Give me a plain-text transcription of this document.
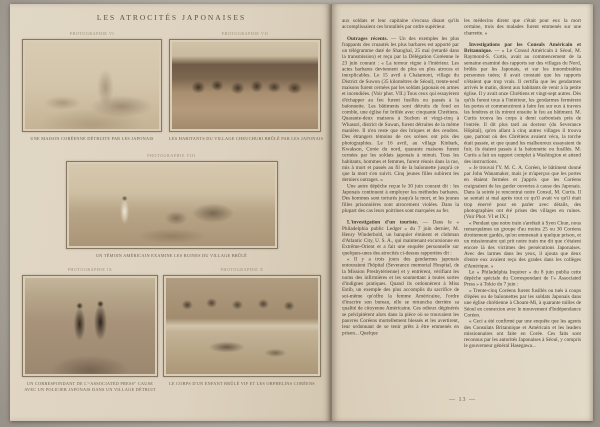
LES ATROCITÉS JAPONAISES
PHOTOGRAPHIE VI
UNE MAISON CORÉENNE DÉTRUITE PAR LES JAPONAIS
PHOTOGRAPHIE VII
LES HABITANTS DU VILLAGE CHEUCHURI BRÛLÉ PAR LES JAPONAIS
PHOTOGRAPHIE VIII
UN TÉMOIN AMÉRICAIN EXAMINE LES RUINES DU VILLAGE BRÛLÉ
PHOTOGRAPHIE IX
UN CORRESPONDANT DE L'“ASSOCIATED PRESS” CAUSE AVEC UN POLICIER JAPONAIS DANS UN VILLAGE DÉTRUIT
PHOTOGRAPHIE X
LE CORPS D'UN ENFANT BRÛLÉ VIF ET LES ORPHELINS CORÉENS

aux soldats et leur capitaine s'excusa disant qu'ils accomplissaient ces brutalités par ordre supérieur.

Outrages récents. — Un des exemples les plus frappants des cruautés les plus barbares est apporté par un télégramme daté de Shanghaï, 25 mai (retardé dans la transmission) et reçu par la Délégation Coréenne le 23 juin courant : « La terreur règne à l'intérieur. Les actes barbares deviennent de plus en plus atroces et inexplicables. Le 15 avril à Chaïamoni, village du District de Suwon (35 kilomètres de Séoul), trente-neuf maisons furent cernées par les soldats japonais en armes et incendiées. (Voir phot. VII.) Tous ceux qui essayèrent d'échapper au feu furent fusillés ou passés à la baïonnette. Les bâtiments sont détruits de fond en comble, une église fut brûlée avec cinquante Chrétiens. Quarante-deux maisons à Suchon et vingt-cinq à Whasuri, district de Suwan, furent détruites de la même manière. Il n'en reste que des briques et des cendres. Des étrangers témoins de ces scènes ont pris des photographies. Le 16 avril, au village Kinbark, Kwakson, Corée du nord, quarante maisons furent cernées par les soldats japonais à minuit. Tous les habitants, hommes et femmes, furent réunis dans la rue, mis à mort et passés au fil de la baïonnette jusqu'à ce que la mort s'en suivit. Cinq jeunes filles subirent les derniers outrages. »

Une autre dépêche reçue le 30 juin courant dit : les Japonais continuent à employer les méthodes barbares. Des hommes sont torturés jusqu'à la mort, et les jeunes filles prisonnières sont atrocement violées. Dans la plupart des cas leurs poitrines sont marquées au fer.

L'investigation d'un touriste. — Dans le « Philadelphia public Ledger » du 7 juin dernier, M. Henry Winderbold, un banquier éminent et clubman d'Atlantic City, U. S. A., qui maintenant excursionne en Extrême-Orient et a fait une enquête personnelle sur quelques-unes des atrocités ci-dessus rapportées dit :

« Il y a trois jours des gendarmes japonais entouraient l'hôpital (Severance memorial Hospital, de la Mission Presbytérienne) et y entrèrent, vérifiant les noms des infirmières et les soumettant à toutes sortes d'indignes pratiques. Quand ils ordonnèrent à Miss Estib, un exemple des plus accomplis du sacrifice de soi-même qu'offre la femme Américaine, l'ordre d'inscrire son bureau, elle se retrancha derrière sa qualité de citoyenne Américaine. Ces odieux dégénérés se précipitèrent alors dans la pièce où se trouvaient les pauvres Coréens mortellement blessés et les avertirent, leur ordonnant de se tenir prêts à être emmenés en prison... Quelque

les médecins dirent que c'était pour eux la mort certaine, trois des malades furent emmenés sur une charrette. »

Investigations par les Consuls Américain et Britannique. — « Le Consul Américain à Séoul, M. Raymond-S. Curtis, avait au commencement de la semaine examiné des rapports sur des villages du Nord, brûlés par les Japonais, et sur les innombrables personnes tuées; il avait constaté que les rapports n'étaient que trop vrais. Il certifia que les gendarmes arrivés le matin, dirent aux habitants de venir à la petite église. Il y avait onze Chrétiens et vingt-sept autres. Dès qu'ils furent tous à l'intérieur, les gendarmes fermèrent les portes et commencèrent à faire feu sur eux à travers les fenêtres et ils mirent ensuite le feu au bâtiment. M. Curtis trouva les corps à demi carbonisés près de l'entrée. Il dit plus tard au docteur (du Severance Hôpital), qu'en allant à cinq autres villages il trouva que, partout où des Chrétiens avaient vécu, la torche était passée, et que quand les malheureux essayaient de fuir, ils étaient passés à la baïonnette ou fusillés. M. Curtis a fait un rapport complet à Washington et attend des instructions.

« Je trouvai l'Y. M. C. A. Coréen, le bâtiment donné par John Wanamaker, mais je m'aperçus que les portes en étaient fermées et j'appris que les Coréens craignaient de les garder ouvertes à cause des Japonais. Dans la soirée je rencontrai notre Consul, M. Curtis. Il se sentait si mal après tout ce qu'il avait vu qu'il était trop énervé pour en parler avec détails, des photographies ont été prises des villages en ruines. (Voir Phot. VI et IX.)

« Pendant que notre train s'arrêtait à Syen Chun, nous remarquâmes un groupe d'au moins 25 ou 30 Coréens étroitement gardés, qu'on emmenait à quelque prison, et un missionnaire qui prit notre train me dit que c'étaient encore là des victimes des persécutions Japonaises. Avec des larmes dans les yeux, il ajouta que deux d'entre eux avaient reçu des grades dans les collèges d'Amérique. »

Le « Philadelphia Inquirer » du 8 juin publia cette dépêche spéciale du Correspondant de l'« Associated Press » à Tokio du 7 juin :

« Trente-cinq Coréens furent fusillés ou tués à coups d'épées ou de baïonnettes par les soldats Japonais dans une église chrétienne à Choam-Mi, à quarante milles de Séoul en connexion avec le mouvement d'Indépendance Coréen.

« Ceci a été confirmé par une enquête que les agents des Consulats Britannique et Américain et les leaders missionnaires ont faite en Corée. Ces faits sont reconnus par les autorités Japonaises à Séoul, y compris le gouverneur général Hasegawa...

— 13 —
